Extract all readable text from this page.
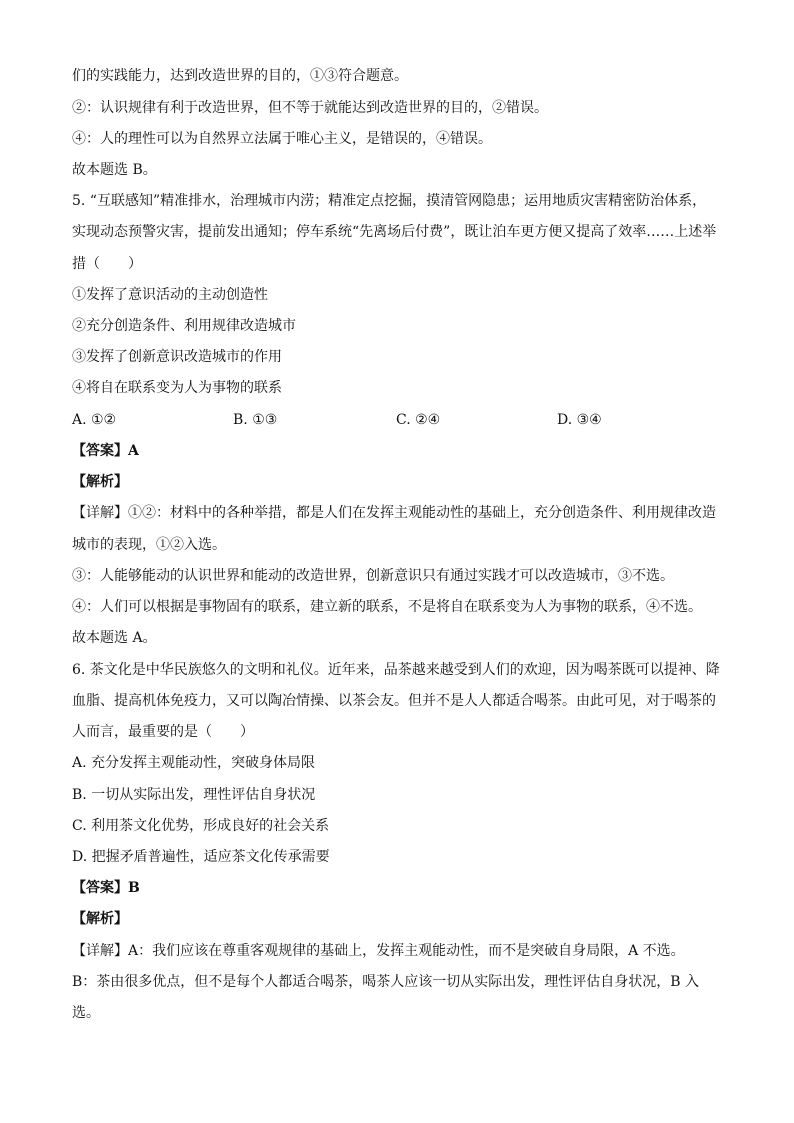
们的实践能力，达到改造世界的目的，①③符合题意。
②：认识规律有利于改造世界，但不等于就能达到改造世界的目的，②错误。
④：人的理性可以为自然界立法属于唯心主义，是错误的，④错误。
故本题选 B。
5. “互联感知”精准排水，治理城市内涝；精准定点挖掘，摸清管网隐患；运用地质灾害精密防治体系，
实现动态预警灾害，提前发出通知；停车系统“先离场后付费”，既让泊车更方便又提高了效率……上述举
措（　　）
①发挥了意识活动的主动创造性
②充分创造条件、利用规律改造城市
③发挥了创新意识改造城市的作用
④将自在联系变为人为事物的联系
A. ①②	B. ①③	C. ②④	D. ③④
【答案】A
【解析】
【详解】①②：材料中的各种举措，都是人们在发挥主观能动性的基础上，充分创造条件、利用规律改造
城市的表现，①②入选。
③：人能够能动的认识世界和能动的改造世界，创新意识只有通过实践才可以改造城市，③不选。
④：人们可以根据是事物固有的联系，建立新的联系，不是将自在联系变为人为事物的联系，④不选。
故本题选 A。
6. 茶文化是中华民族悠久的文明和礼仪。近年来，品茶越来越受到人们的欢迎，因为喝茶既可以提神、降
血脂、提高机体免疫力，又可以陶冶情操、以茶会友。但并不是人人都适合喝茶。由此可见，对于喝茶的
人而言，最重要的是（　　）
A. 充分发挥主观能动性，突破身体局限
B. 一切从实际出发，理性评估自身状况
C. 利用茶文化优势，形成良好的社会关系
D. 把握矛盾普遍性，适应茶文化传承需要
【答案】B
【解析】
【详解】A：我们应该在尊重客观规律的基础上，发挥主观能动性，而不是突破自身局限，A 不选。
B：茶由很多优点，但不是每个人都适合喝茶，喝茶人应该一切从实际出发，理性评估自身状况，B 入
选。
